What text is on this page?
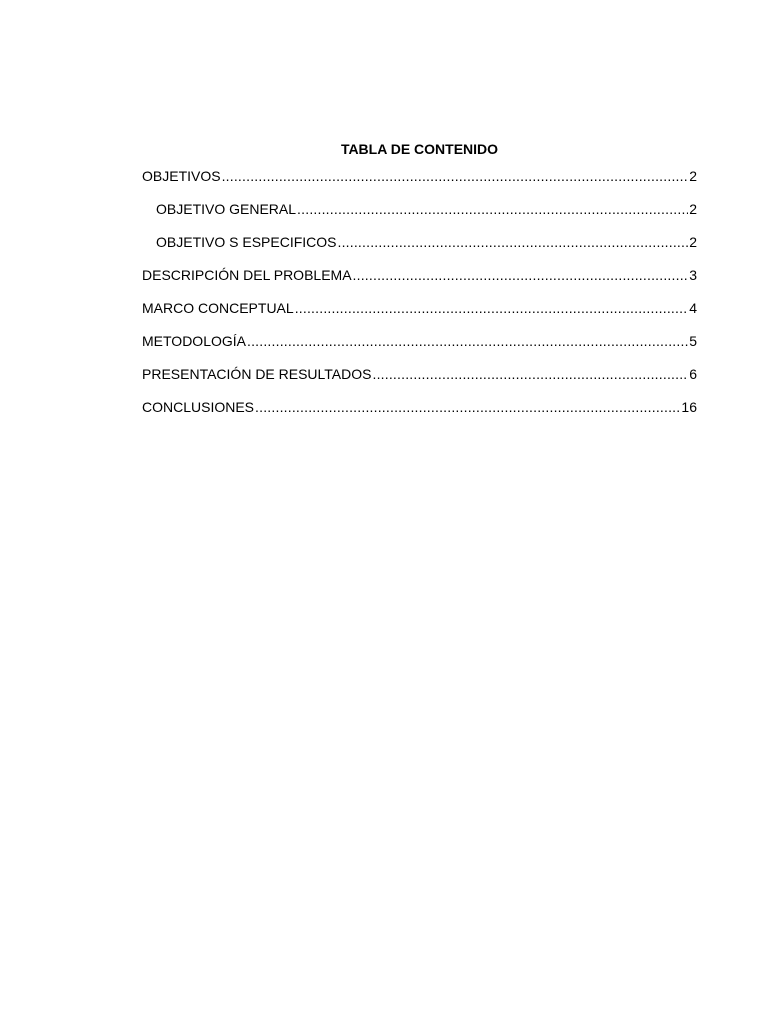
TABLA DE CONTENIDO
OBJETIVOS .....	2
OBJETIVO GENERAL .....	2
OBJETIVO S ESPECIFICOS .....	2
DESCRIPCIÓN DEL PROBLEMA .....	3
MARCO CONCEPTUAL .....	4
METODOLOGÍA .....	5
PRESENTACIÓN DE RESULTADOS .....	6
CONCLUSIONES .....	16
